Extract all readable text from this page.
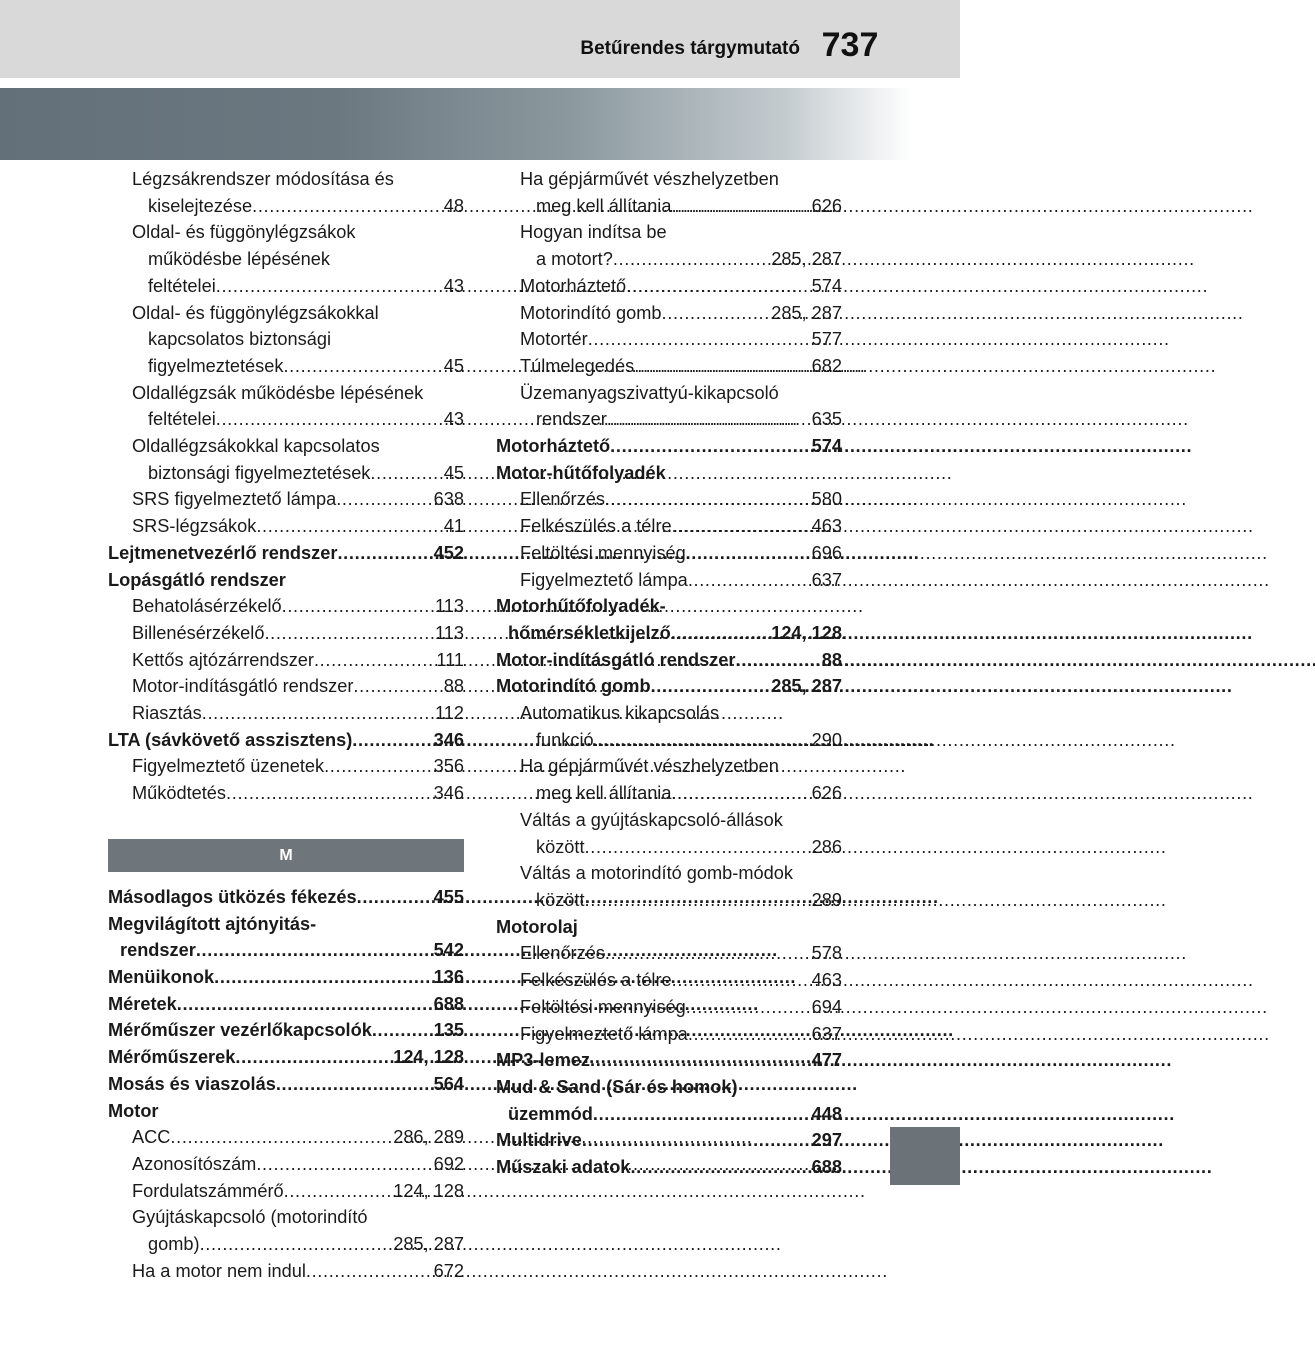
Betűrendes tárgymutató 737
Légzsákrendszer módosítása és
kiselejtezése . . .	48
Oldal- és függönylégzsákok
működésbe lépésének
feltételei . . .	43
Oldal- és függönylégzsákokkal
kapcsolatos biztonsági
figyelmeztetések . . .	45
Oldallégzsák működésbe lépésének
feltételei . . .	43
Oldallégzsákokkal kapcsolatos
biztonsági figyelmeztetések . . .	45
SRS figyelmeztető lámpa . . .	638
SRS-légzsákok . . .	41
Lejtmenetvezérlő rendszer . . .	452
Lopásgátló rendszer
Behatolásérzékelő . . .	113
Billenésérzékelő . . .	113
Kettős ajtózárrendszer . . .	111
Motor-indításgátló rendszer . . .	88
Riasztás . . .	112
LTA (sávkövető asszisztens) . . .	346
Figyelmeztető üzenetek . . .	356
Működtetés . . .	346
M
Másodlagos ütközés fékezés . . .	455
Megvilágított ajtónyitás-
rendszer . . .	542
Menüikonok . . .	136
Méretek . . .	688
Mérőműszer vezérlőkapcsolók . . .	135
Mérőműszerek . . .	124, 128
Mosás és viaszolás . . .	564
Motor
ACC . . .	286, 289
Azonosítószám . . .	692
Fordulatszámmérő . . .	124, 128
Gyújtáskapcsoló (motorindító
gomb) . . .	285, 287
Ha a motor nem indul . . .	672
Ha gépjárművét vészhelyzetben
meg kell állítania . . .	626
Hogyan indítsa be
a motort? . . .	285, 287
Motorháztető . . .	574
Motorindító gomb . . .	285, 287
Motortér . . .	577
Túlmelegedés . . .	682
Üzemanyagszivattyú-kikapcsoló
rendszer . . .	635
Motorháztető . . .	574
Motor-hűtőfolyadék
Ellenőrzés . . .	580
Felkészülés a télre . . .	463
Feltöltési mennyiség . . .	696
Figyelmeztető lámpa . . .	637
Motorhűtőfolyadék-
hőmérsékletkijelző . . .	124, 128
Motor-indításgátló rendszer . . .	88
Motorindító gomb . . .	285, 287
Automatikus kikapcsolás
funkció . . .	290
Ha gépjárművét vészhelyzetben
meg kell állítania . . .	626
Váltás a gyújtáskapcsoló-állások
között . . .	286
Váltás a motorindító gomb-módok
között . . .	289
Motorolaj
Ellenőrzés . . .	578
Felkészülés a télre . . .	463
Feltöltési mennyiség . . .	694
Figyelmeztető lámpa . . .	637
MP3-lemez . . .	477
Mud & Sand (Sár és homok)
üzemmód . . .	448
Multidrive . . .	297
Műszaki adatok . . .	688
